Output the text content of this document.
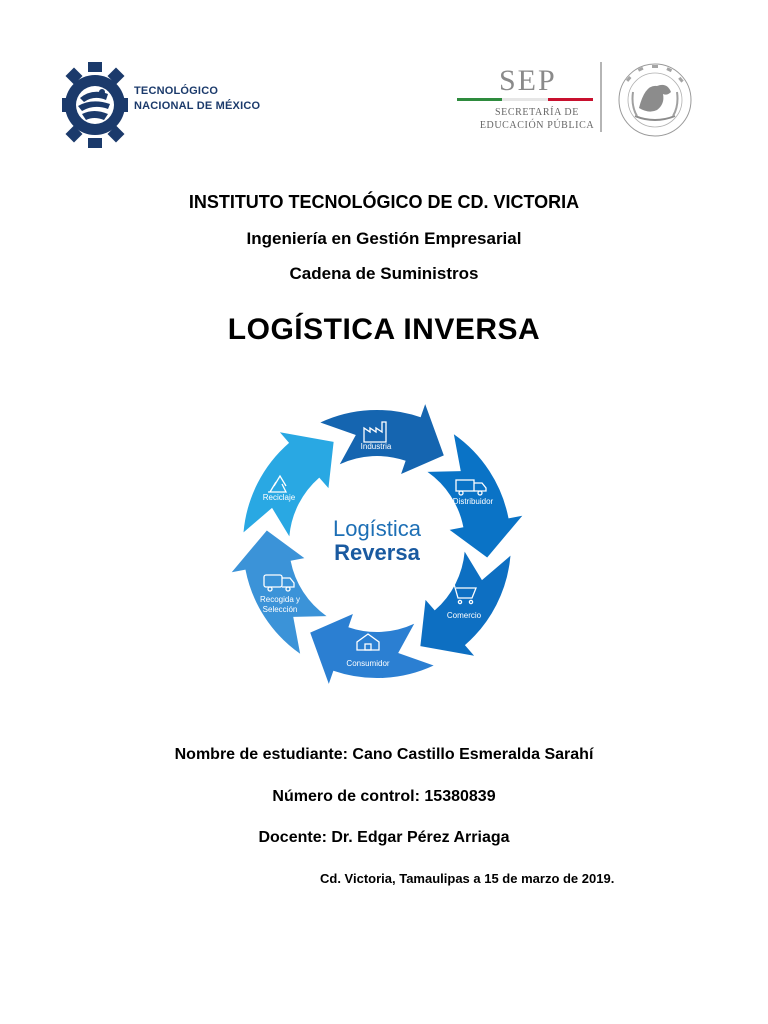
TECNOLÓGICO
NACIONAL DE MÉXICO
SEP
SECRETARÍA DE
EDUCACIÓN PÚBLICA
INSTITUTO TECNOLÓGICO DE CD. VICTORIA
Ingeniería en Gestión Empresarial
Cadena de Suministros
LOGÍSTICA INVERSA
Industria
Distribuidor
Comercio
Consumidor
Recogida y
Selección
Reciclaje
Logística
Reversa
Nombre de estudiante: Cano Castillo Esmeralda Sarahí
Número de control: 15380839
Docente: Dr. Edgar Pérez Arriaga
Cd. Victoria, Tamaulipas a 15 de marzo de 2019.
